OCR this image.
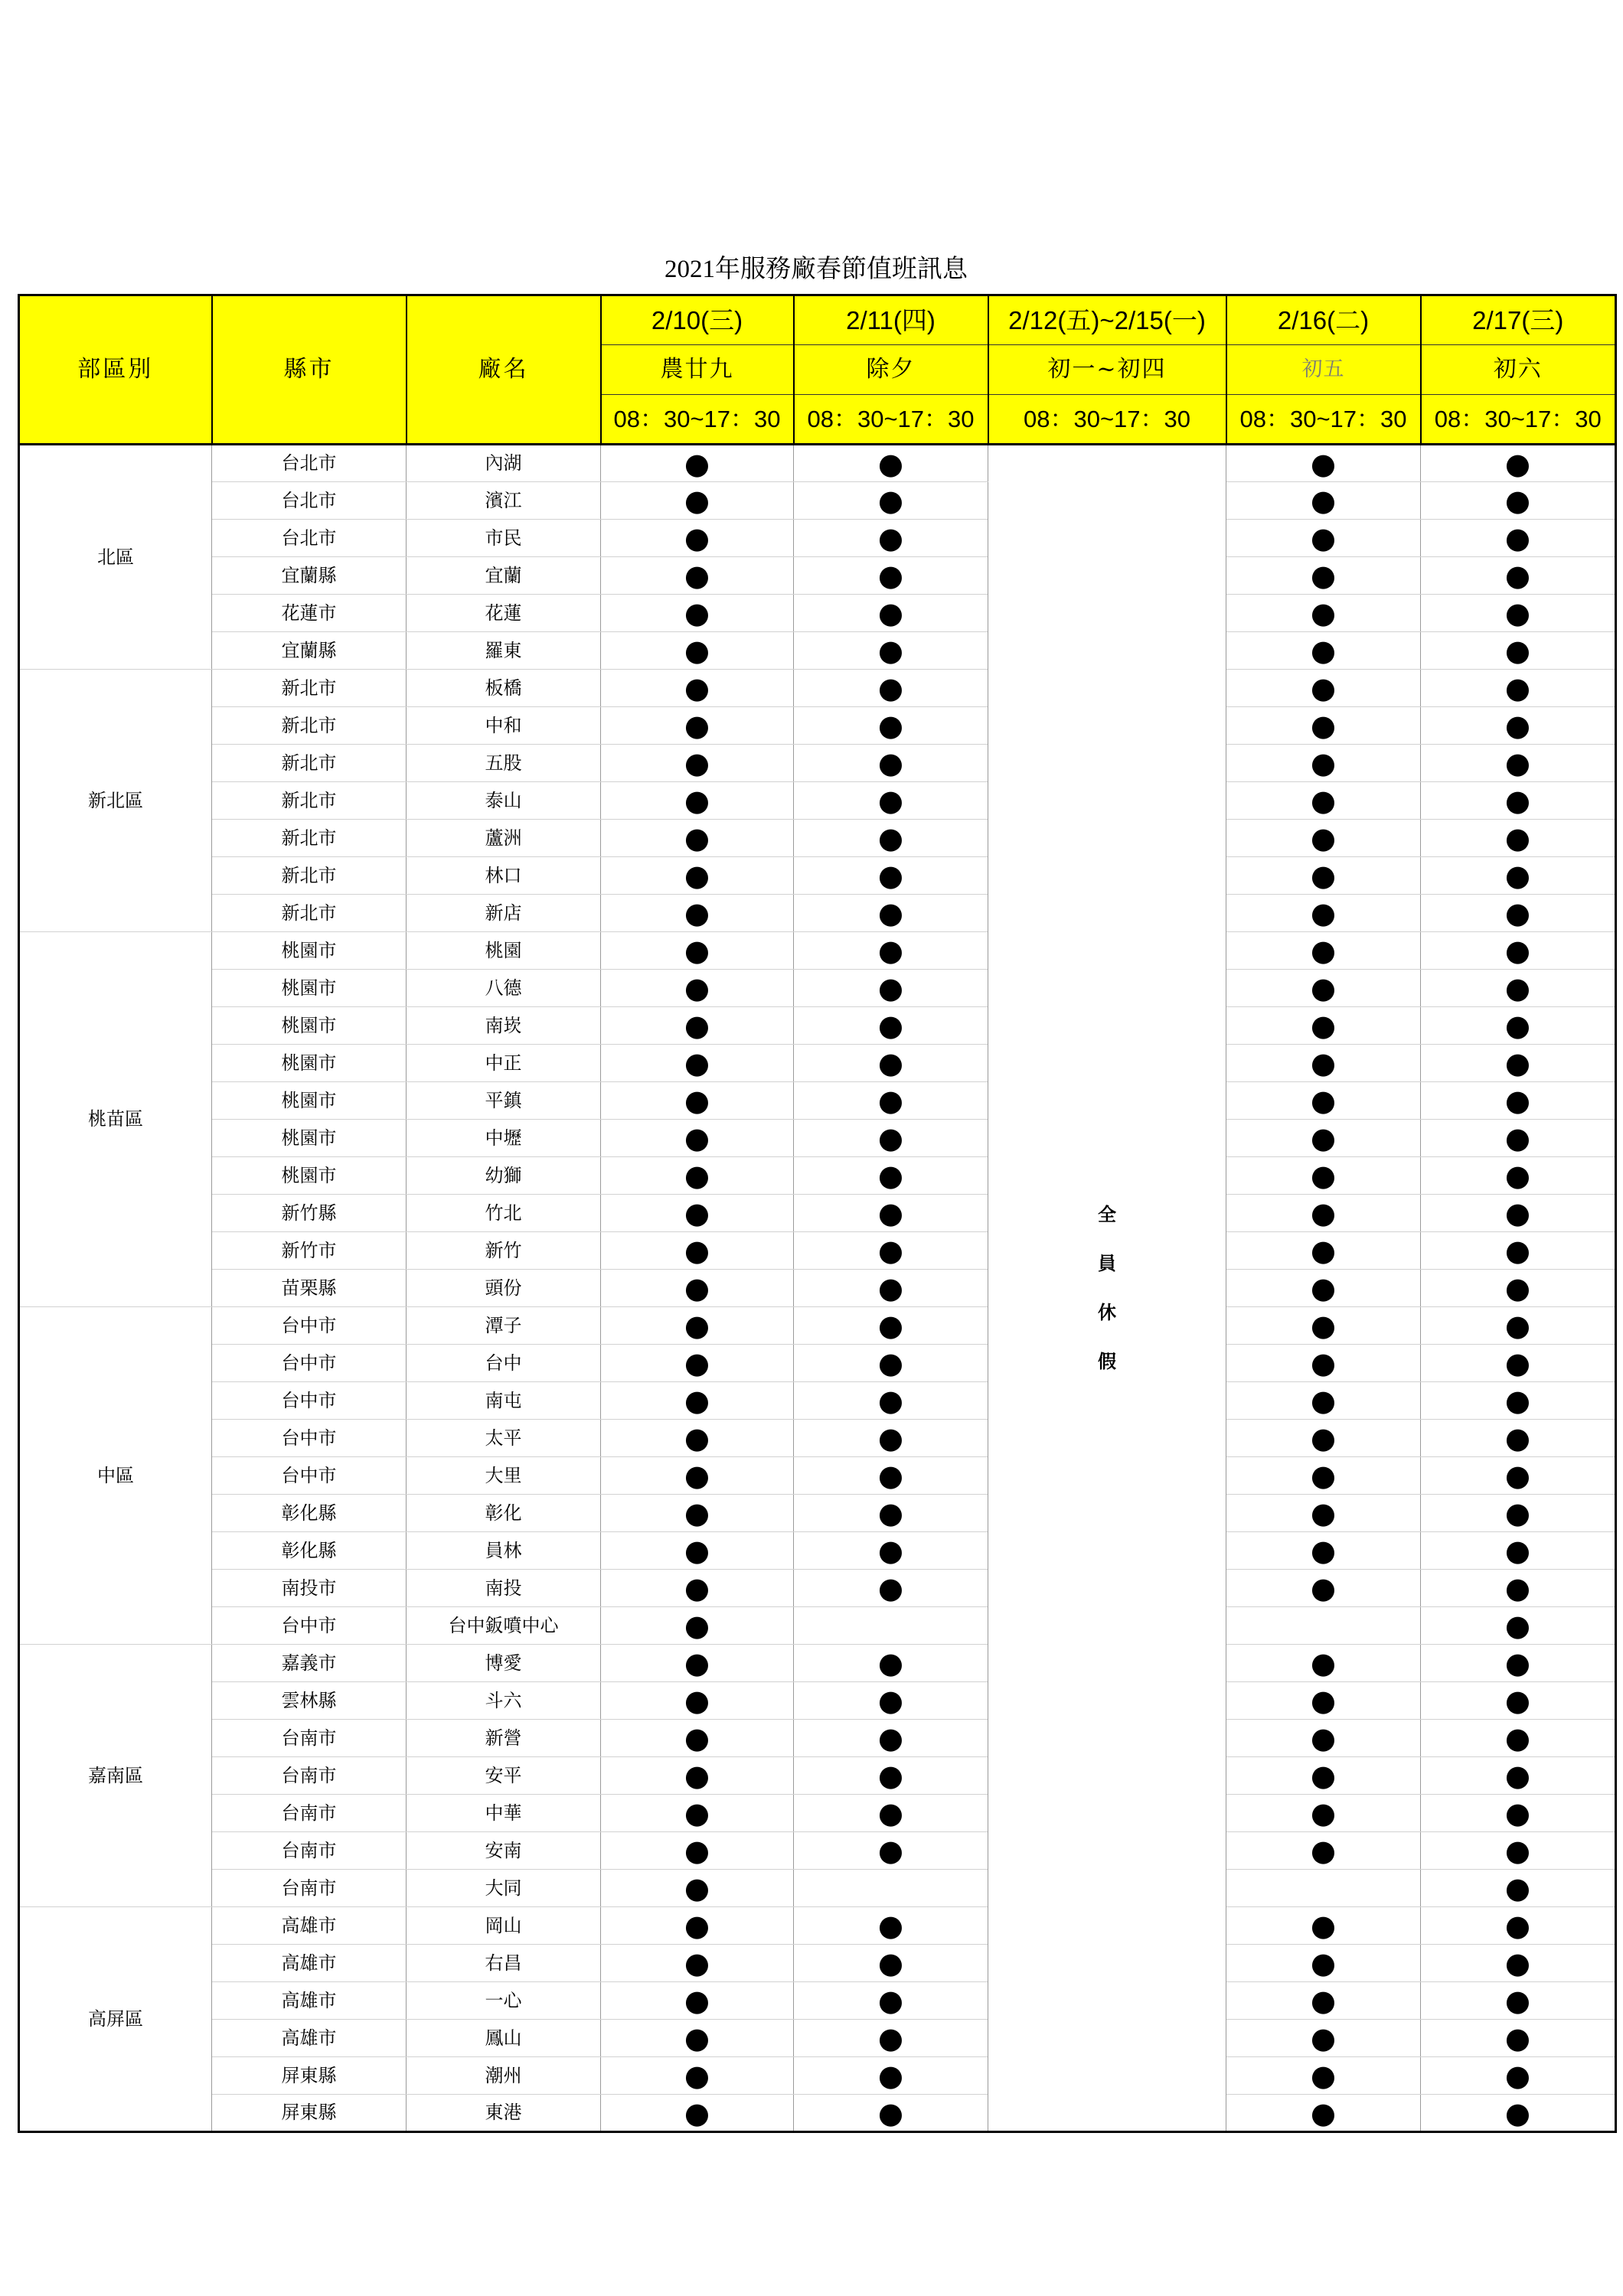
2021年服務廠春節值班訊息
部區別	縣市	廠名	2/10(三)	2/11(四)	2/12(五)~2/15(一)	2/16(二)	2/17(三)
			農廿九	除夕	初一~初四	初五	初六
			08：30~17：30	08：30~17：30	08：30~17：30	08：30~17：30	08：30~17：30
北區	台北市	內湖	●	●	全員休假	●	●
	台北市	濱江	●	●		●	●
	台北市	市民	●	●		●	●
	宜蘭縣	宜蘭	●	●		●	●
	花蓮市	花蓮	●	●		●	●
	宜蘭縣	羅東	●	●		●	●
新北區	新北市	板橋	●	●		●	●
	新北市	中和	●	●		●	●
	新北市	五股	●	●		●	●
	新北市	泰山	●	●		●	●
	新北市	蘆洲	●	●		●	●
	新北市	林口	●	●		●	●
	新北市	新店	●	●		●	●
桃苗區	桃園市	桃園	●	●		●	●
	桃園市	八德	●	●		●	●
	桃園市	南崁	●	●		●	●
	桃園市	中正	●	●		●	●
	桃園市	平鎮	●	●		●	●
	桃園市	中壢	●	●		●	●
	桃園市	幼獅	●	●		●	●
	新竹縣	竹北	●	●		●	●
	新竹市	新竹	●	●		●	●
	苗栗縣	頭份	●	●		●	●
中區	台中市	潭子	●	●		●	●
	台中市	台中	●	●		●	●
	台中市	南屯	●	●		●	●
	台中市	太平	●	●		●	●
	台中市	大里	●	●		●	●
	彰化縣	彰化	●	●		●	●
	彰化縣	員林	●	●		●	●
	南投市	南投	●	●		●	●
	台中市	台中鈑噴中心	●				●
嘉南區	嘉義市	博愛	●	●		●	●
	雲林縣	斗六	●	●		●	●
	台南市	新營	●	●		●	●
	台南市	安平	●	●		●	●
	台南市	中華	●	●		●	●
	台南市	安南	●	●		●	●
	台南市	大同	●				●
高屏區	高雄市	岡山	●	●		●	●
	高雄市	右昌	●	●		●	●
	高雄市	一心	●	●		●	●
	高雄市	鳳山	●	●		●	●
	屏東縣	潮州	●	●		●	●
	屏東縣	東港	●	●		●	●
